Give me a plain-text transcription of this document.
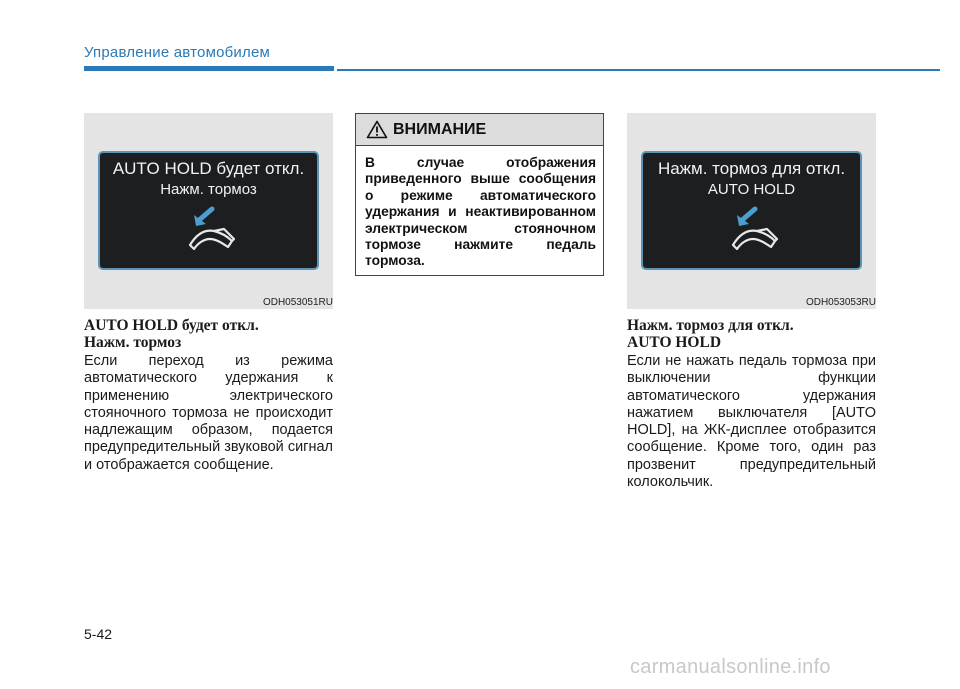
Управление автомобилем
AUTO HOLD будет откл.
Нажм. тормоз
ODH053051RU
AUTO HOLD будет откл.
Нажм. тормоз
Если переход из режима автоматического удержания к применению электрического стояночного тормоза не происходит надлежащим образом, подается предупредительный звуковой сигнал и отображается сообщение.
ВНИМАНИЕ
В случае отображения приведенного выше сообщения о режиме автоматического удержания и неактивированном электрическом стояночном тормозе нажмите педаль тормоза.
Нажм. тормоз для откл.
AUTO HOLD
ODH053053RU
Нажм. тормоз для откл.
AUTO HOLD
Если не нажать педаль тормоза при выключении функции автоматического удержания нажатием выключателя [AUTO HOLD], на ЖК-дисплее отобразится сообщение. Кроме того, один раз прозвенит предупредительный колокольчик.
5-42
carmanualsonline.info
